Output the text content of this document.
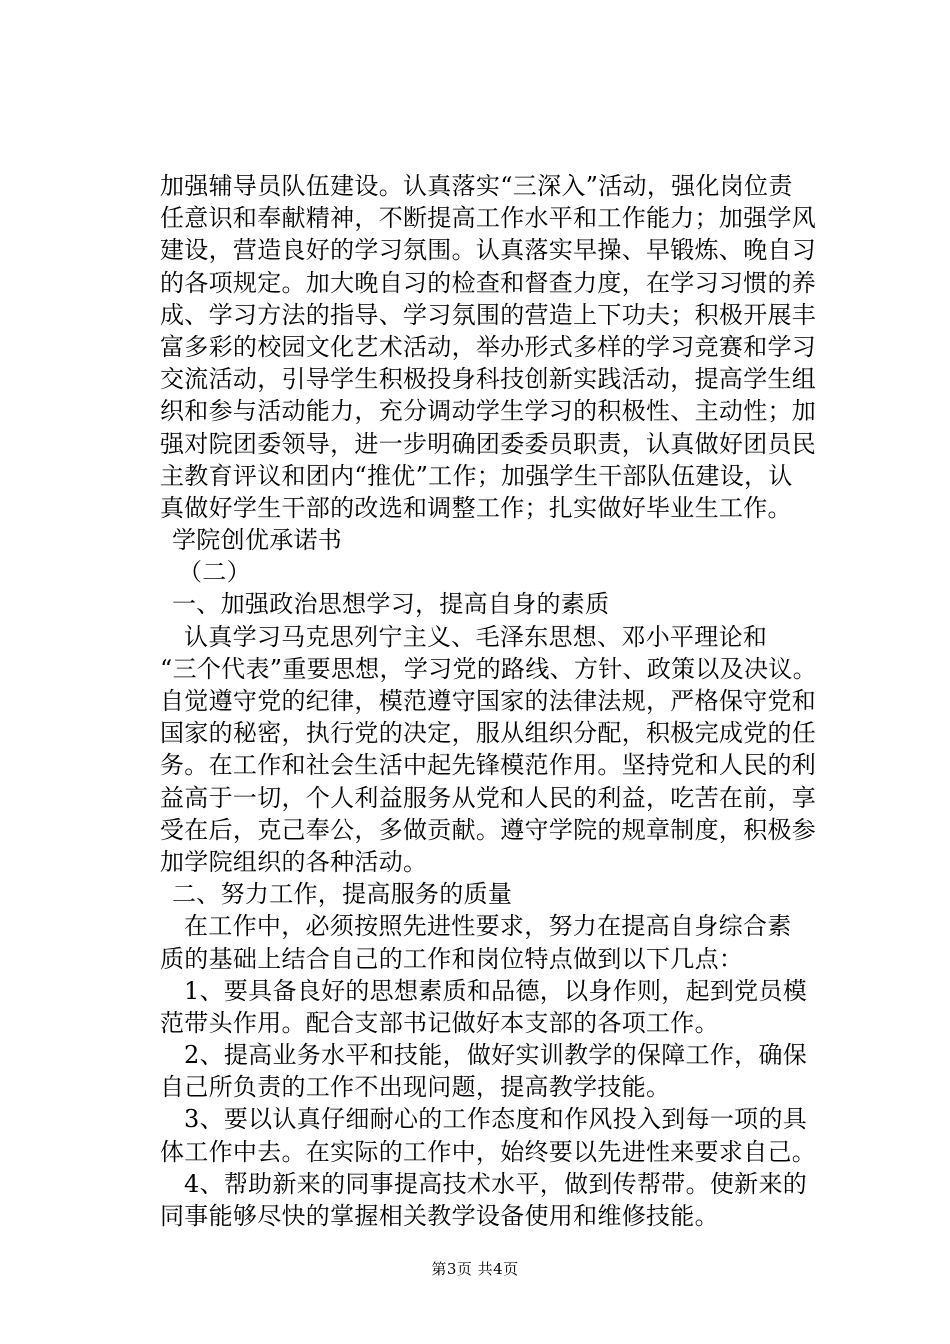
加强辅导员队伍建设。认真落实“三深入”活动，强化岗位责
任意识和奉献精神，不断提高工作水平和工作能力；加强学风
建设，营造良好的学习氛围。认真落实早操、早锻炼、晚自习
的各项规定。加大晚自习的检查和督查力度，在学习习惯的养
成、学习方法的指导、学习氛围的营造上下功夫；积极开展丰
富多彩的校园文化艺术活动，举办形式多样的学习竞赛和学习
交流活动，引导学生积极投身科技创新实践活动，提高学生组
织和参与活动能力，充分调动学生学习的积极性、主动性；加
强对院团委领导，进一步明确团委委员职责，认真做好团员民
主教育评议和团内“推优”工作；加强学生干部队伍建设，认
真做好学生干部的改选和调整工作；扎实做好毕业生工作。
学院创优承诺书
（二）
一、加强政治思想学习，提高自身的素质
认真学习马克思列宁主义、毛泽东思想、邓小平理论和
“三个代表”重要思想，学习党的路线、方针、政策以及决议。
自觉遵守党的纪律，模范遵守国家的法律法规，严格保守党和
国家的秘密，执行党的决定，服从组织分配，积极完成党的任
务。在工作和社会生活中起先锋模范作用。坚持党和人民的利
益高于一切，个人利益服务从党和人民的利益，吃苦在前，享
受在后，克己奉公，多做贡献。遵守学院的规章制度，积极参
加学院组织的各种活动。
二、努力工作，提高服务的质量
在工作中，必须按照先进性要求，努力在提高自身综合素
质的基础上结合自己的工作和岗位特点做到以下几点：
1、要具备良好的思想素质和品德，以身作则，起到党员模
范带头作用。配合支部书记做好本支部的各项工作。
2、提高业务水平和技能，做好实训教学的保障工作，确保
自己所负责的工作不出现问题，提高教学技能。
3、要以认真仔细耐心的工作态度和作风投入到每一项的具
体工作中去。在实际的工作中，始终要以先进性来要求自己。
4、帮助新来的同事提高技术水平，做到传帮带。使新来的
同事能够尽快的掌握相关教学设备使用和维修技能。
第3页 共4页
